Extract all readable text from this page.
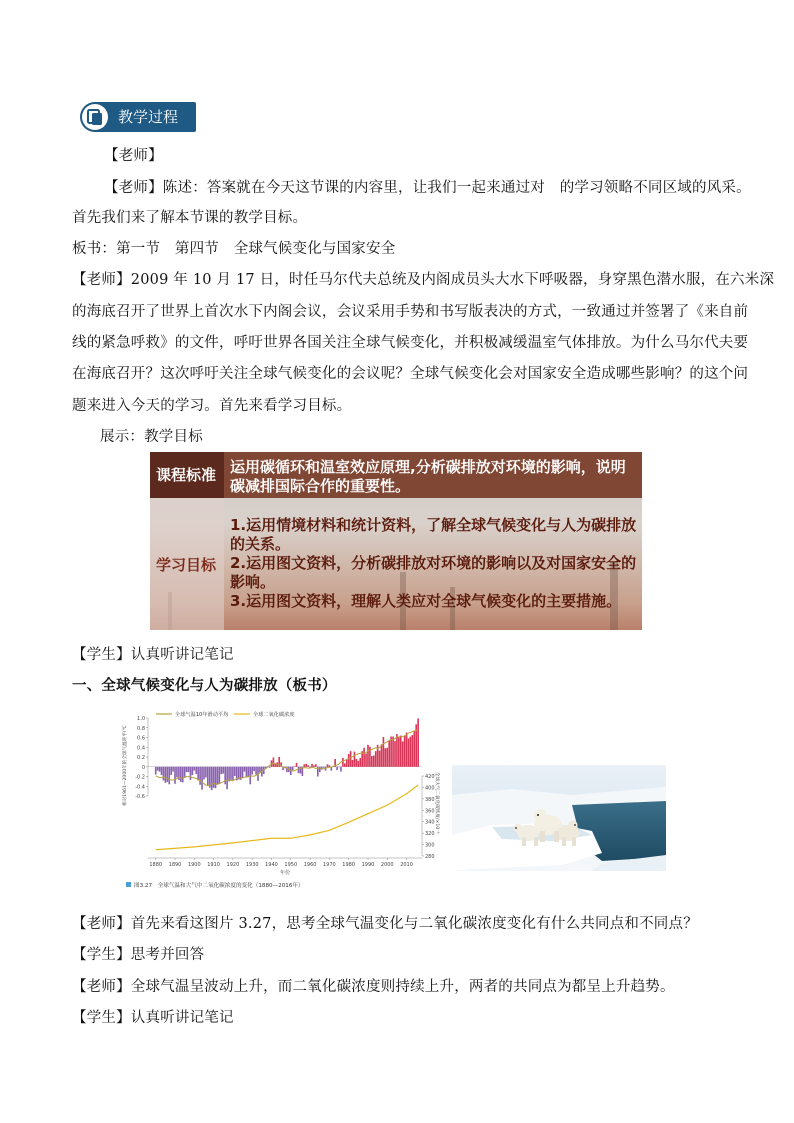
教学过程
【老师】
【老师】陈述：答案就在今天这节课的内容里，让我们一起来通过对　的学习领略不同区域的风采。
首先我们来了解本节课的教学目标。
板书：第一节　第四节　全球气候变化与国家安全
【老师】2009 年 10 月 17 日，时任马尔代夫总统及内阁成员头大水下呼吸器，身穿黑色潜水服，在六米深
的海底召开了世界上首次水下内阁会议，会议采用手势和书写版表决的方式，一致通过并签署了《来自前
线的紧急呼救》的文件，呼吁世界各国关注全球气候变化，并积极减缓温室气体排放。为什么马尔代夫要
在海底召开？这次呼吁关注全球气候变化的会议呢？全球气候变化会对国家安全造成哪些影响？的这个问
题来进入今天的学习。首先来看学习目标。
展示：教学目标
课程标准 运用碳循环和温室效应原理,分析碳排放对环境的影响，说明
碳减排国际合作的重要性。
学习目标
1.运用情境材料和统计资料，了解全球气候变化与人为碳排放
的关系。
2.运用图文资料，分析碳排放对环境的影响以及对国家安全的
影响。
3.运用图文资料，理解人类应对全球气候变化的主要措施。
【学生】认真听讲记笔记
一、全球气候变化与人为碳排放（板书）
全球气温10年滑动平均	全球二氧化碳浓度
1.0
0.8
0.6
0.4
0.2
0
-0.2
-0.4
-0.6
相对1961—2000年的全球气温距平/℃	420
400
380
360
340
320
300
280
全球大气二氧化碳浓度/×10⁻⁶
1880 1890 1900 1910 1920 1930 1940 1950 1960 1970 1980 1990 2000 2010
年份
图3.27　全球气温和大气中二氧化碳浓度的变化（1880—2016年）
【老师】首先来看这图片 3.27，思考全球气温变化与二氧化碳浓度变化有什么共同点和不同点？
【学生】思考并回答
【老师】全球气温呈波动上升，而二氧化碳浓度则持续上升，两者的共同点为都呈上升趋势。
【学生】认真听讲记笔记
